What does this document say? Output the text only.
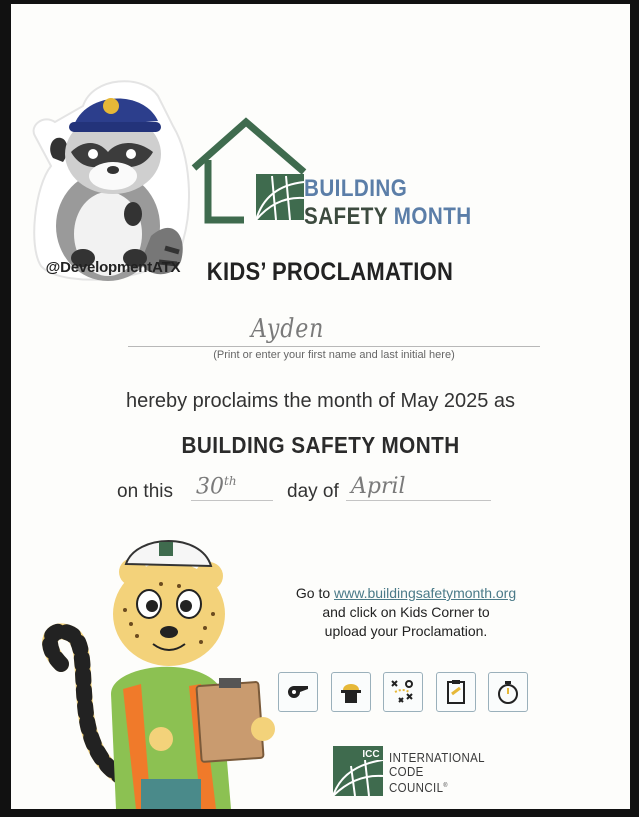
@DevelopmentATX
BUILDING
SAFETY MONTH
KIDS’ PROCLAMATION
Ayden
(Print or enter your first name and last initial here)
hereby proclaims the month of May 2025 as
BUILDING SAFETY MONTH
on this 30th	day of April
Go to www.buildingsafetymonth.org
and click on Kids Corner to
upload your Proclamation.
ICC INTERNATIONAL
CODE
COUNCIL®
